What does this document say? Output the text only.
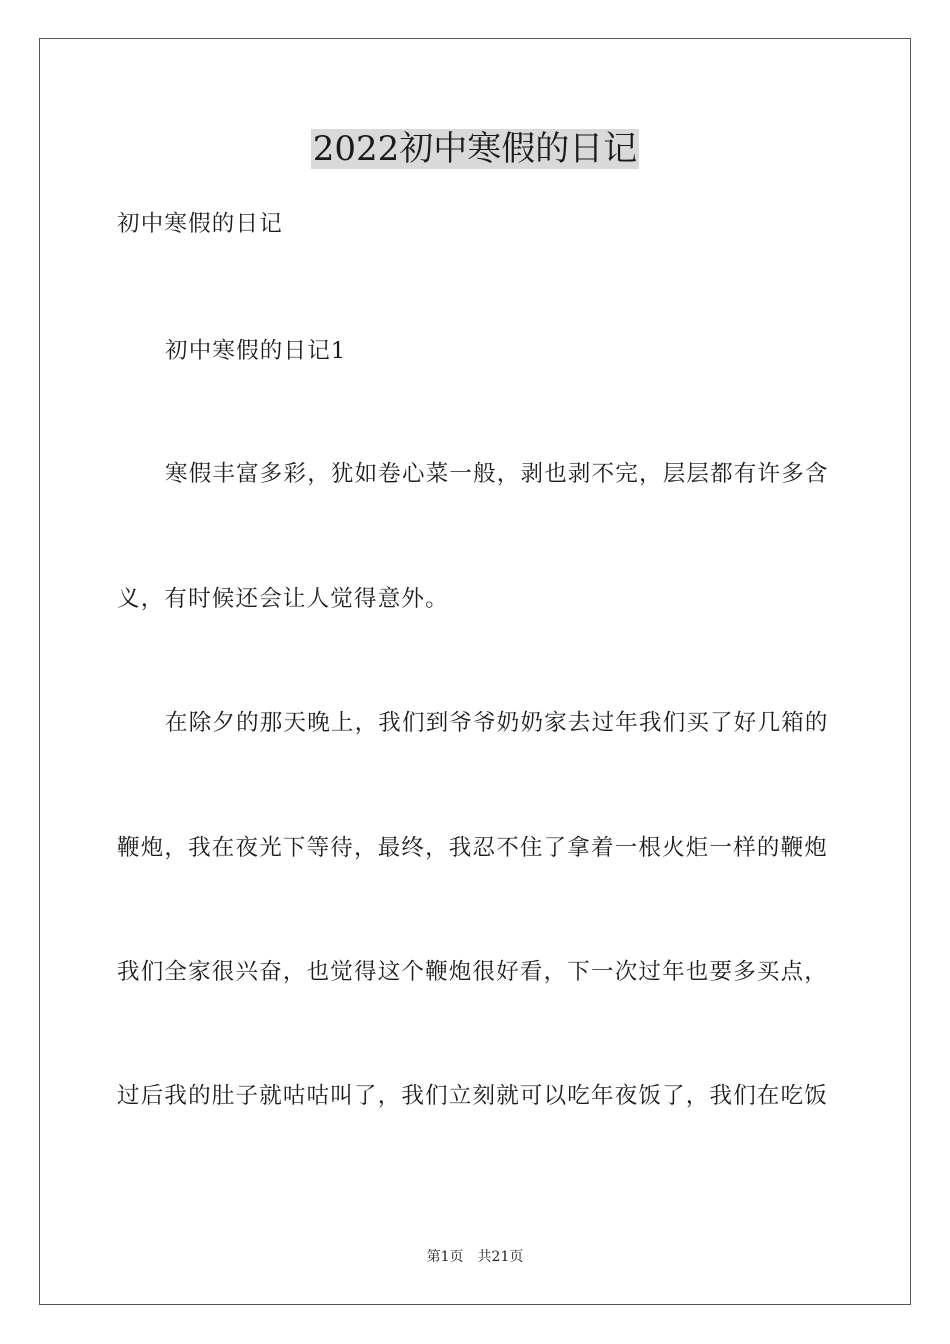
2022初中寒假的日记
初中寒假的日记
初中寒假的日记1
寒假丰富多彩，犹如卷心菜一般，剥也剥不完，层层都有许多含
义，有时候还会让人觉得意外。
在除夕的那天晚上，我们到爷爷奶奶家去过年我们买了好几箱的
鞭炮，我在夜光下等待，最终，我忍不住了拿着一根火炬一样的鞭炮
我们全家很兴奋，也觉得这个鞭炮很好看，下一次过年也要多买点，
过后我的肚子就咕咕叫了，我们立刻就可以吃年夜饭了，我们在吃饭
第1页　共21页
